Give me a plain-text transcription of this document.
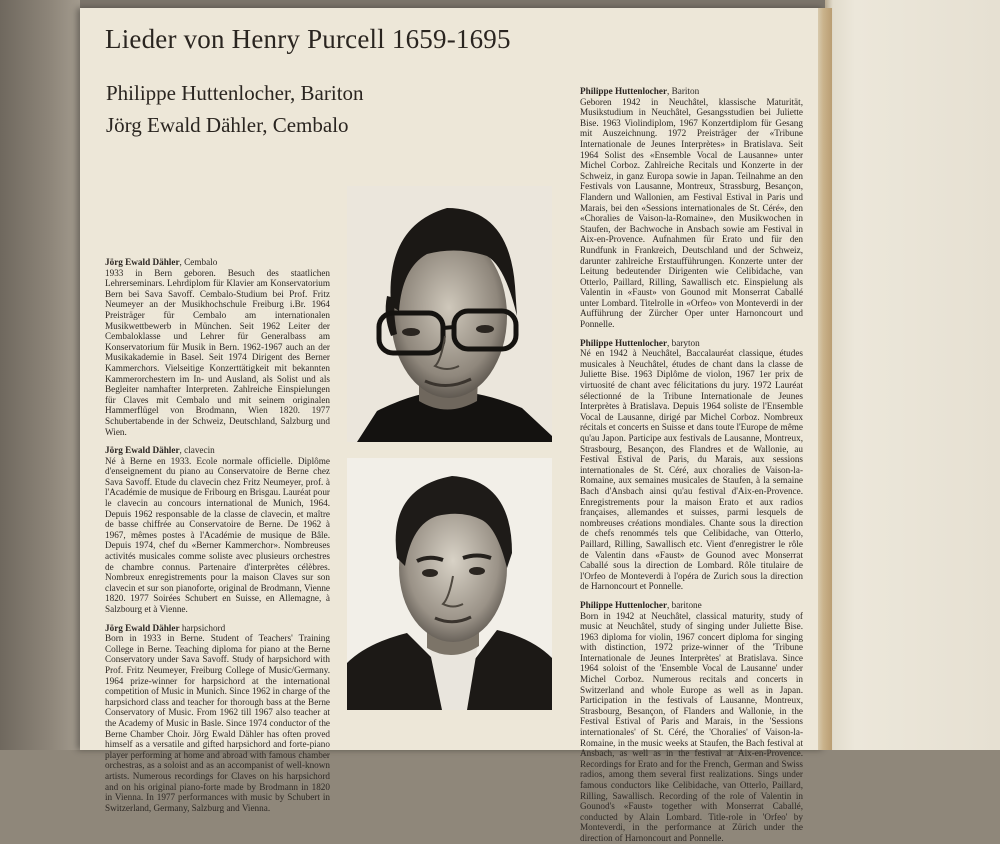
Lieder von Henry Purcell 1659-1695
Philippe Huttenlocher, Bariton
Jörg Ewald Dähler, Cembalo
Jörg Ewald Dähler, Cembalo
1933 in Bern geboren. Besuch des staatlichen Lehrerseminars. Lehrdiplom für Klavier am Konservatorium Bern bei Sava Savoff. Cembalo-Studium bei Prof. Fritz Neumeyer an der Musikhochschule Freiburg i.Br. 1964 Preisträger für Cembalo am internationalen Musikwettbewerb in München. Seit 1962 Leiter der Cembaloklasse und Lehrer für Generalbass am Konservatorium für Musik in Bern. 1962-1967 auch an der Musikakademie in Basel. Seit 1974 Dirigent des Berner Kammerchors. Vielseitige Konzerttätigkeit mit bekannten Kammerorchestern im In- und Ausland, als Solist und als Begleiter namhafter Interpreten. Zahlreiche Einspielungen für Claves mit Cembalo und mit seinem originalen Hammerflügel von Brodmann, Wien 1820. 1977 Schubertabende in der Schweiz, Deutschland, Salzburg und Wien.
Jörg Ewald Dähler, clavecin
Né à Berne en 1933. Ecole normale officielle. Diplôme d'enseignement du piano au Conservatoire de Berne chez Sava Savoff. Etude du clavecin chez Fritz Neumeyer, prof. à l'Académie de musique de Fribourg en Brisgau. Lauréat pour le clavecin au concours international de Munich, 1964. Depuis 1962 responsable de la classe de clavecin, et maître de basse chiffrée au Conservatoire de Berne. De 1962 à 1967, mêmes postes à l'Académie de musique de Bâle. Depuis 1974, chef du «Berner Kammerchor». Nombreuses activités musicales comme soliste avec plusieurs orchestres de chambre connus. Partenaire d'interprètes célèbres. Nombreux enregistrements pour la maison Claves sur son clavecin et sur son pianoforte, original de Brodmann, Vienne 1820. 1977 Soirées Schubert en Suisse, en Allemagne, à Salzbourg et à Vienne.
Jörg Ewald Dähler harpsichord
Born in 1933 in Berne. Student of Teachers' Training College in Berne. Teaching diploma for piano at the Berne Conservatory under Sava Savoff. Study of harpsichord with Prof. Fritz Neumeyer, Freiburg College of Music/Germany. 1964 prize-winner for harpsichord at the international competition of Music in Munich. Since 1962 in charge of the harpsichord class and teacher for thorough bass at the Berne Conservatory of Music. From 1962 till 1967 also teacher at the Academy of Music in Basle. Since 1974 conductor of the Berne Chamber Choir. Jörg Ewald Dähler has often proved himself as a versatile and gifted harpsichord and forte-piano player performing at home and abroad with famous chamber orchestras, as a soloist and as an accompanist of well-known artists. Numerous recordings for Claves on his harpsichord and on his original piano-forte made by Brodmann in 1820 in Vienna. In 1977 performances with music by Schubert in Switzerland, Germany, Salzburg and Vienna.
Philippe Huttenlocher, Bariton
Geboren 1942 in Neuchâtel, klassische Maturität, Musikstudium in Neuchâtel, Gesangsstudien bei Juliette Bise. 1963 Violindiplom, 1967 Konzertdiplom für Gesang mit Auszeichnung. 1972 Preisträger der «Tribune Internationale de Jeunes Interprètes» in Bratislava. Seit 1964 Solist des «Ensemble Vocal de Lausanne» unter Michel Corboz. Zahlreiche Recitals und Konzerte in der Schweiz, in ganz Europa sowie in Japan. Teilnahme an den Festivals von Lausanne, Montreux, Strassburg, Besançon, Flandern und Wallonien, am Festival Estival in Paris und Marais, bei den «Sessions internationales de St. Céré», den «Choralies de Vaison-la-Romaine», den Musikwochen in Staufen, der Bachwoche in Ansbach sowie am Festival in Aix-en-Provence. Aufnahmen für Erato und für den Rundfunk in Frankreich, Deutschland und der Schweiz, darunter zahlreiche Erstaufführungen. Konzerte unter der Leitung bedeutender Dirigenten wie Celibidache, van Otterlo, Paillard, Rilling, Sawallisch etc. Einspielung als Valentin in «Faust» von Gounod mit Monserrat Caballé unter Lombard. Titelrolle in «Orfeo» von Monteverdi in der Aufführung der Zürcher Oper unter Harnoncourt und Ponnelle.
Philippe Huttenlocher, baryton
Né en 1942 à Neuchâtel, Baccalauréat classique, études musicales à Neuchâtel, études de chant dans la classe de Juliette Bise. 1963 Diplôme de violon, 1967 1er prix de virtuosité de chant avec félicitations du jury. 1972 Lauréat sélectionné de la Tribune Internationale de Jeunes Interprètes à Bratislava. Depuis 1964 soliste de l'Ensemble Vocal de Lausanne, dirigé par Michel Corboz. Nombreux récitals et concerts en Suisse et dans toute l'Europe de même qu'au Japon. Participe aux festivals de Lausanne, Montreux, Strasbourg, Besançon, des Flandres et de Wallonie, au Festival Estival de Paris, du Marais, aux sessions internationales de St. Céré, aux choralies de Vaison-la-Romaine, aux semaines musicales de Staufen, à la semaine Bach d'Ansbach ainsi qu'au festival d'Aix-en-Provence. Enregistrements pour la maison Erato et aux radios françaises, allemandes et suisses, parmi lesquels de nombreuses créations mondiales. Chante sous la direction de chefs renommés tels que Celibidache, van Otterlo, Paillard, Rilling, Sawallisch etc. Vient d'enregistrer le rôle de Valentin dans «Faust» de Gounod avec Monserrat Caballé sous la direction de Lombard. Rôle titulaire de l'Orfeo de Monteverdi à l'opéra de Zurich sous la direction de Harnoncourt et Ponnelle.
Philippe Huttenlocher, baritone
Born in 1942 at Neuchâtel, classical maturity, study of music at Neuchâtel, study of singing under Juliette Bise. 1963 diploma for violin, 1967 concert diploma for singing with distinction, 1972 prize-winner of the 'Tribune Internationale de Jeunes Interprètes' at Bratislava. Since 1964 soloist of the 'Ensemble Vocal de Lausanne' under Michel Corboz. Numerous recitals and concerts in Switzerland and whole Europe as well as in Japan. Participation in the festivals of Lausanne, Montreux, Strasbourg, Besançon, of Flanders and Wallonie, in the Festival Estival of Paris and Marais, in the 'Sessions internationales' of St. Céré, the 'Choralies' of Vaison-la-Romaine, in the music weeks at Staufen, the Bach festival at Ansbach, as well as in the festival at Aix-en-Provence. Recordings for Erato and for the French, German and Swiss radios, among them several first realizations. Sings under famous conductors like Celibidache, van Otterlo, Paillard, Rilling, Sawallisch. Recording of the role of Valentin in Gounod's «Faust» together with Monserrat Caballé, conducted by Alain Lombard. Title-role in 'Orfeo' by Monteverdi, in the performance at Zürich under the direction of Harnoncourt and Ponnelle.
